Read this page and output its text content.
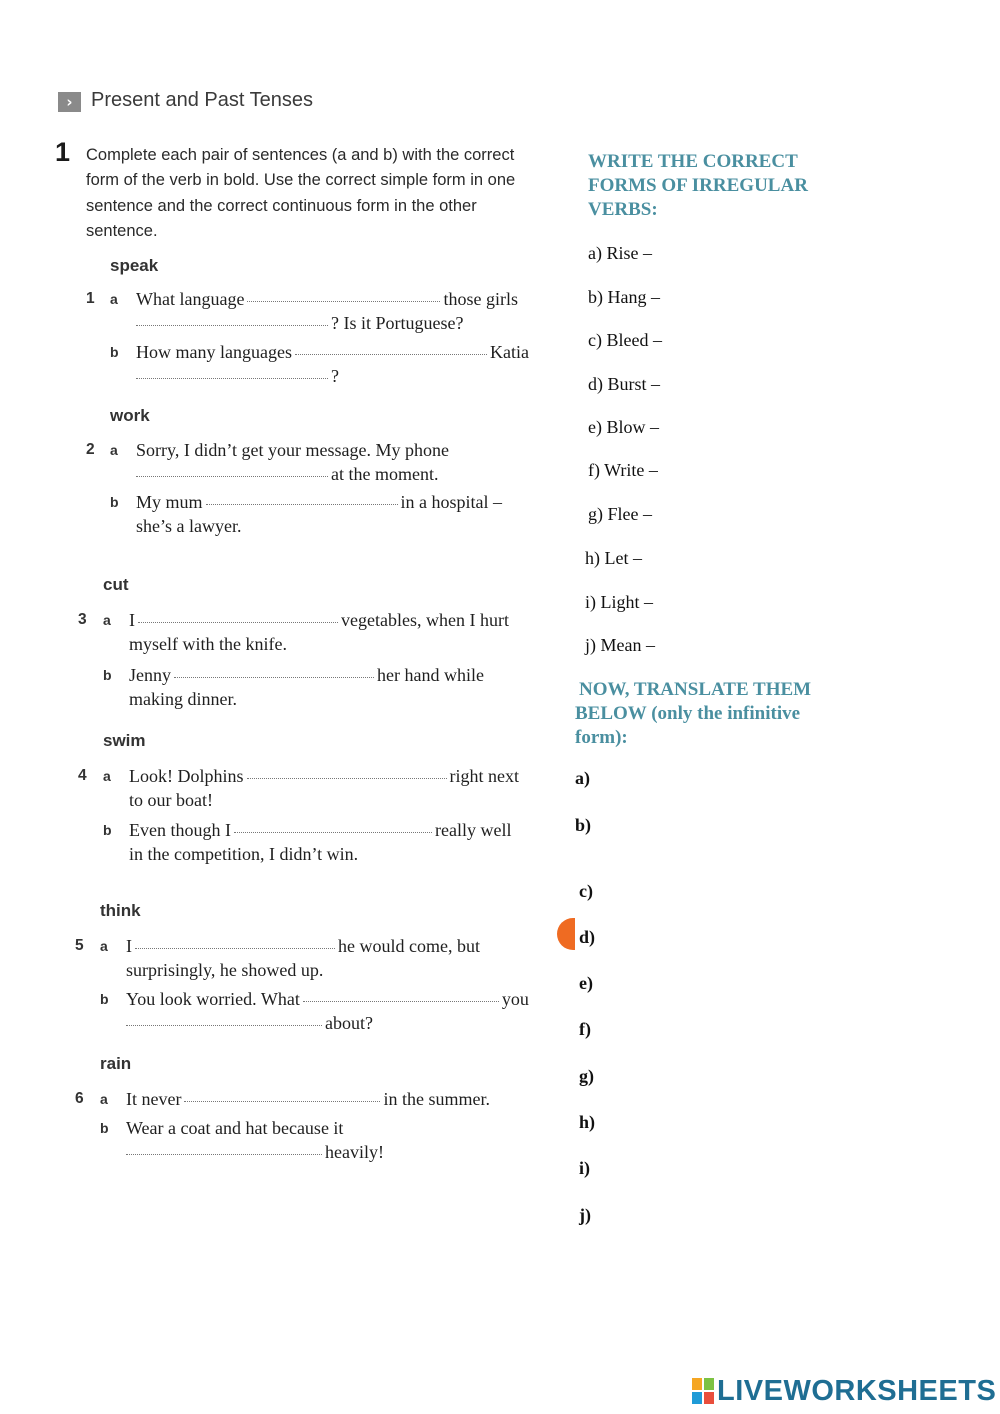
› Present and Past Tenses
1 Complete each pair of sentences (a and b) with the correct
form of the verb in bold. Use the correct simple form in one
sentence and the correct continuous form in the other
sentence.
speak
1 a What language	those girls
? Is it Portuguese?
b How many languages	Katia
?
work
2 a Sorry, I didn’t get your message. My phone
at the moment.
b My mum	in a hospital –
she’s a lawyer.
cut
3 a I	vegetables, when I hurt
myself with the knife.
b Jenny	her hand while
making dinner.
swim
4 a Look! Dolphins	right next
to our boat!
b Even though I	really well
in the competition, I didn’t win.
think
5 a I	he would come, but
surprisingly, he showed up.
b You look worried. What	you
about?
rain
6 a It never	in the summer.
b Wear a coat and hat because it
heavily!
WRITE THE CORRECT
FORMS OF IRREGULAR
VERBS:
a) Rise –
b) Hang –
c) Bleed –
d) Burst –
e) Blow –
f) Write –
g) Flee –
h) Let –
i) Light –
j) Mean –
NOW, TRANSLATE THEM
BELOW (only the infinitive
form):
a)
b)
c)
d)
e)
f)
g)
h)
i)
j)
LIVEWORKSHEETS
